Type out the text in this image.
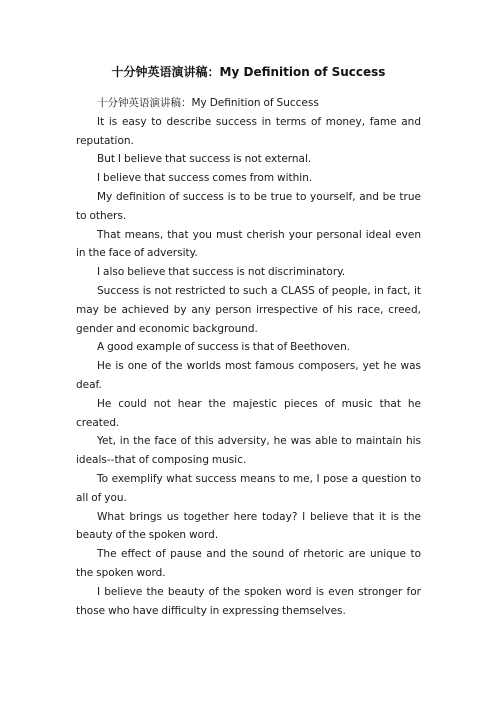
十分钟英语演讲稿：My Definition of Success

十分钟英语演讲稿：My Definition of Success

It is easy to describe success in terms of money, fame and reputation.

But I believe that success is not external.

I believe that success comes from within.

My definition of success is to be true to yourself, and be true to others.

That means, that you must cherish your personal ideal even in the face of adversity.

I also believe that success is not discriminatory.

Success is not restricted to such a CLASS of people, in fact, it may be achieved by any person irrespective of his race, creed, gender and economic background.

A good example of success is that of Beethoven.

He is one of the worlds most famous composers, yet he was deaf.

He could not hear the majestic pieces of music that he created.

Yet, in the face of this adversity, he was able to maintain his ideals--that of composing music.

To exemplify what success means to me, I pose a question to all of you.

What brings us together here today? I believe that it is the beauty of the spoken word.

The effect of pause and the sound of rhetoric are unique to the spoken word.

I believe the beauty of the spoken word is even stronger for those who have difficulty in expressing themselves.
